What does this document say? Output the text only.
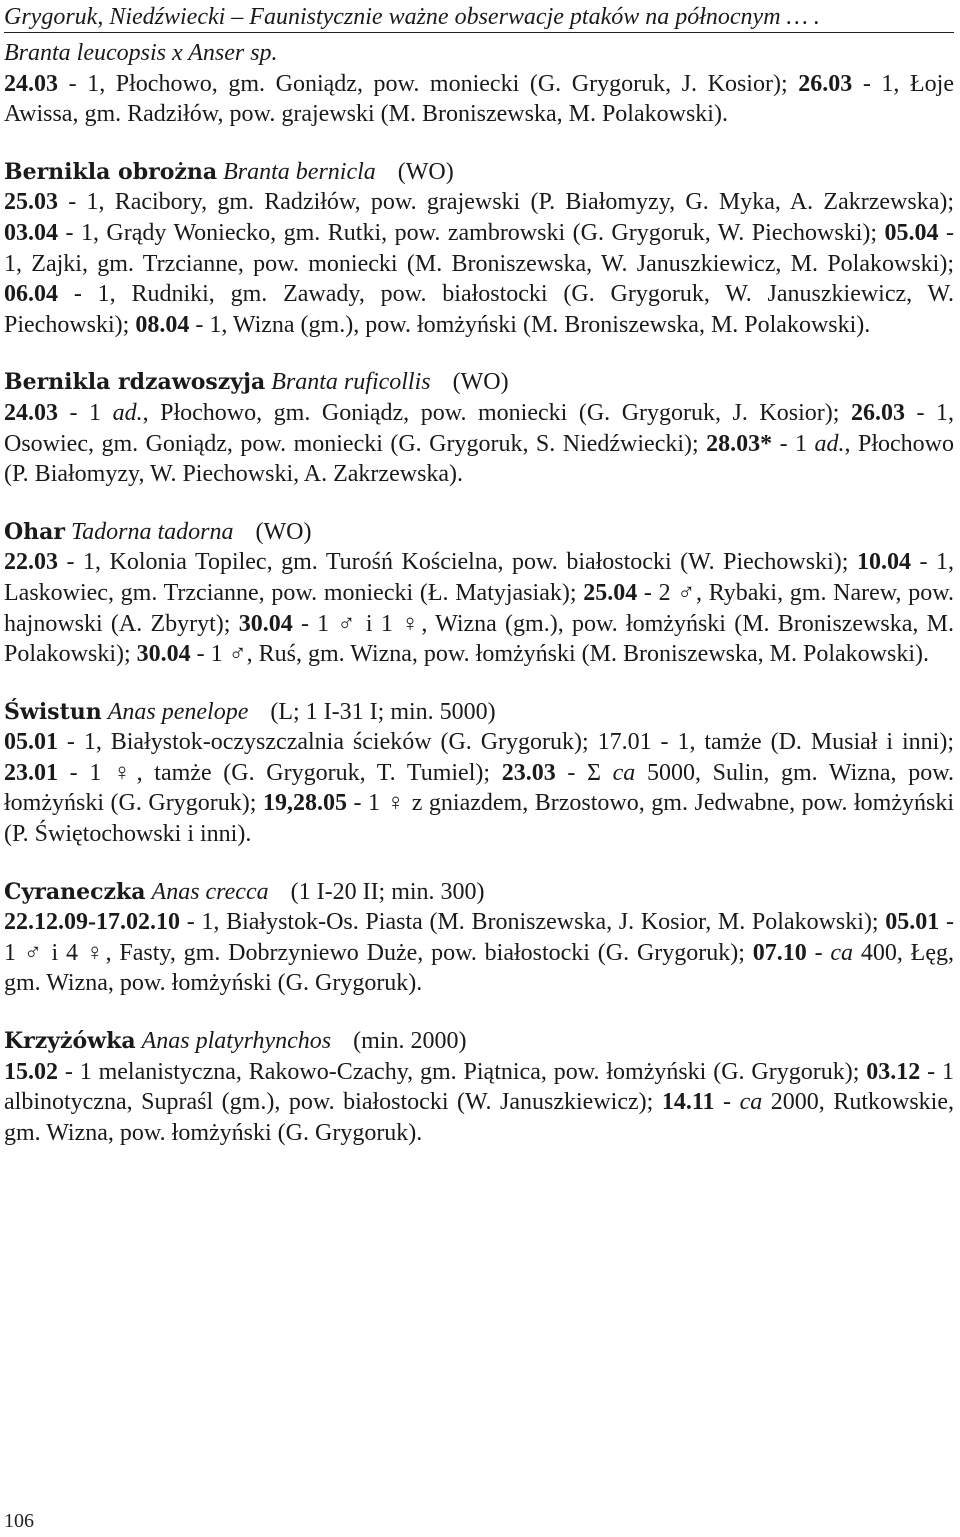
Grygoruk, Niedźwiecki – Faunistycznie ważne obserwacje ptaków na północnym … .
Branta leucopsis x Anser sp.
24.03 - 1, Płochowo, gm. Goniądz, pow. moniecki (G. Grygoruk, J. Kosior); 26.03 - 1, Łoje Awissa, gm. Radziłów, pow. grajewski (M. Broniszewska, M. Polakowski).
Bernikla obrożna Branta bernicla (WO)
25.03 - 1, Racibory, gm. Radziłów, pow. grajewski (P. Białomyzy, G. Myka, A. Zakrzewska); 03.04 - 1, Grądy Woniecko, gm. Rutki, pow. zambrowski (G. Grygoruk, W. Piechowski); 05.04 - 1, Zajki, gm. Trzcianne, pow. moniecki (M. Broniszewska, W. Januszkiewicz, M. Polakowski); 06.04 - 1, Rudniki, gm. Zawady, pow. białostocki (G. Grygoruk, W. Januszkiewicz, W. Piechowski); 08.04 - 1, Wizna (gm.), pow. łomżyński (M. Broniszewska, M. Polakowski).
Bernikla rdzawoszyja Branta ruficollis (WO)
24.03 - 1 ad., Płochowo, gm. Goniądz, pow. moniecki (G. Grygoruk, J. Kosior); 26.03 - 1, Osowiec, gm. Goniądz, pow. moniecki (G. Grygoruk, S. Niedźwiecki); 28.03* - 1 ad., Płochowo (P. Białomyzy, W. Piechowski, A. Zakrzewska).
Ohar Tadorna tadorna (WO)
22.03 - 1, Kolonia Topilec, gm. Turośń Kościelna, pow. białostocki (W. Piechowski); 10.04 - 1, Laskowiec, gm. Trzcianne, pow. moniecki (Ł. Matyjasiak); 25.04 - 2 ♂, Rybaki, gm. Narew, pow. hajnowski (A. Zbyryt); 30.04 - 1 ♂ i 1 ♀, Wizna (gm.), pow. łomżyński (M. Broniszewska, M. Polakowski); 30.04 - 1 ♂, Ruś, gm. Wizna, pow. łomżyński (M. Broniszewska, M. Polakowski).
Świstun Anas penelope (L; 1 I-31 I; min. 5000)
05.01 - 1, Białystok-oczyszczalnia ścieków (G. Grygoruk); 17.01 - 1, tamże (D. Musiał i inni); 23.01 - 1 ♀, tamże (G. Grygoruk, T. Tumiel); 23.03 - Σ ca 5000, Sulin, gm. Wizna, pow. łomżyński (G. Grygoruk); 19,28.05 - 1 ♀ z gniazdem, Brzostowo, gm. Jedwabne, pow. łomżyński (P. Świętochowski i inni).
Cyraneczka Anas crecca (1 I-20 II; min. 300)
22.12.09-17.02.10 - 1, Białystok-Os. Piasta (M. Broniszewska, J. Kosior, M. Polakowski); 05.01 - 1 ♂ i 4 ♀, Fasty, gm. Dobrzyniewo Duże, pow. białostocki (G. Grygoruk); 07.10 - ca 400, Łęg, gm. Wizna, pow. łomżyński (G. Grygoruk).
Krzyżówka Anas platyrhynchos (min. 2000)
15.02 - 1 melanistyczna, Rakowo-Czachy, gm. Piątnica, pow. łomżyński (G. Grygoruk); 03.12 - 1 albinotyczna, Supraśl (gm.), pow. białostocki (W. Januszkiewicz); 14.11 - ca 2000, Rutkowskie, gm. Wizna, pow. łomżyński (G. Grygoruk).
106
